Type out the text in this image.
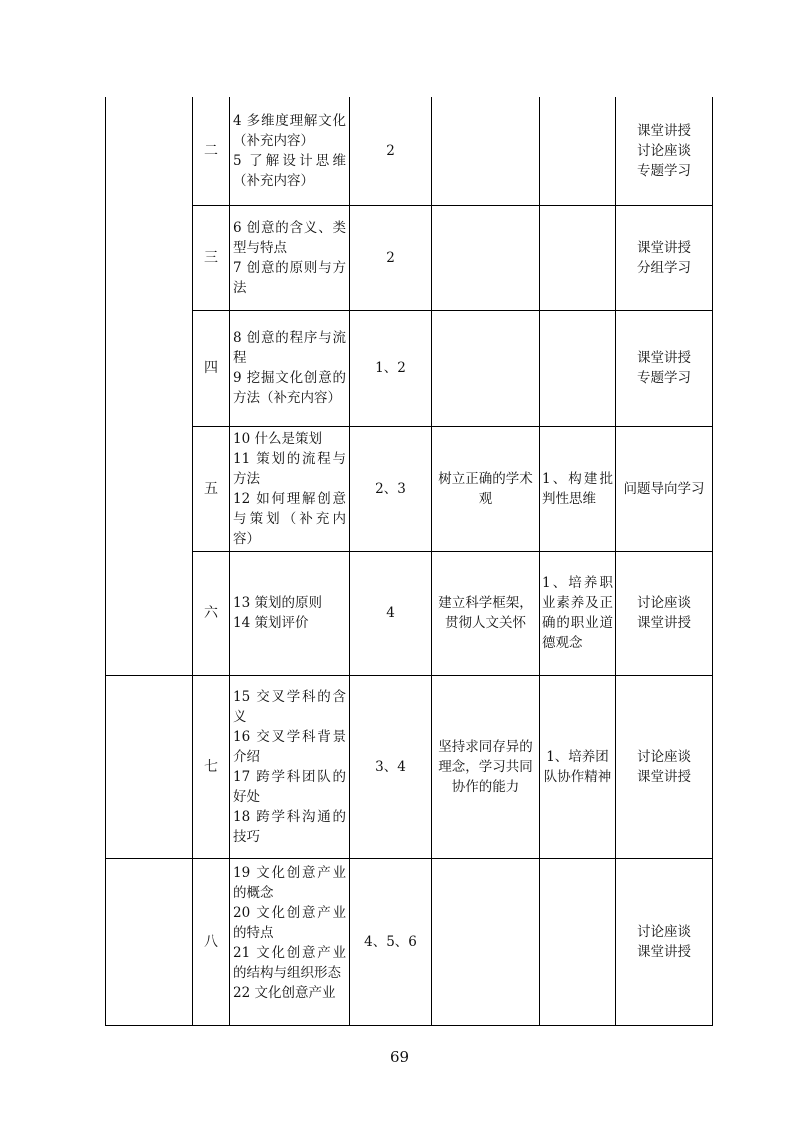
	二	4 多维度理解文化（补充内容）
5 了解设计思维（补充内容）	2			课堂讲授
讨论座谈
专题学习

	三	6 创意的含义、类型与特点
7 创意的原则与方法	2			课堂讲授
分组学习

	四	8 创意的程序与流程
9 挖掘文化创意的方法（补充内容）	1、2			课堂讲授
专题学习

	五	10 什么是策划
11 策划的流程与方法
12 如何理解创意与策划（补充内容）	2、3	树立正确的学术观	1、构建批判性思维	问题导向学习

	六	13 策划的原则
14 策划评价	4	建立科学框架，贯彻人文关怀	1、培养职业素养及正确的职业道德观念	讨论座谈
课堂讲授

	七	15 交叉学科的含义
16 交叉学科背景介绍
17 跨学科团队的好处
18 跨学科沟通的技巧	3、4	坚持求同存异的理念，学习共同协作的能力	1、培养团队协作精神	讨论座谈
课堂讲授

	八	19 文化创意产业的概念
20 文化创意产业的特点
21 文化创意产业的结构与组织形态
22 文化创意产业	4、5、6			讨论座谈
课堂讲授
69
